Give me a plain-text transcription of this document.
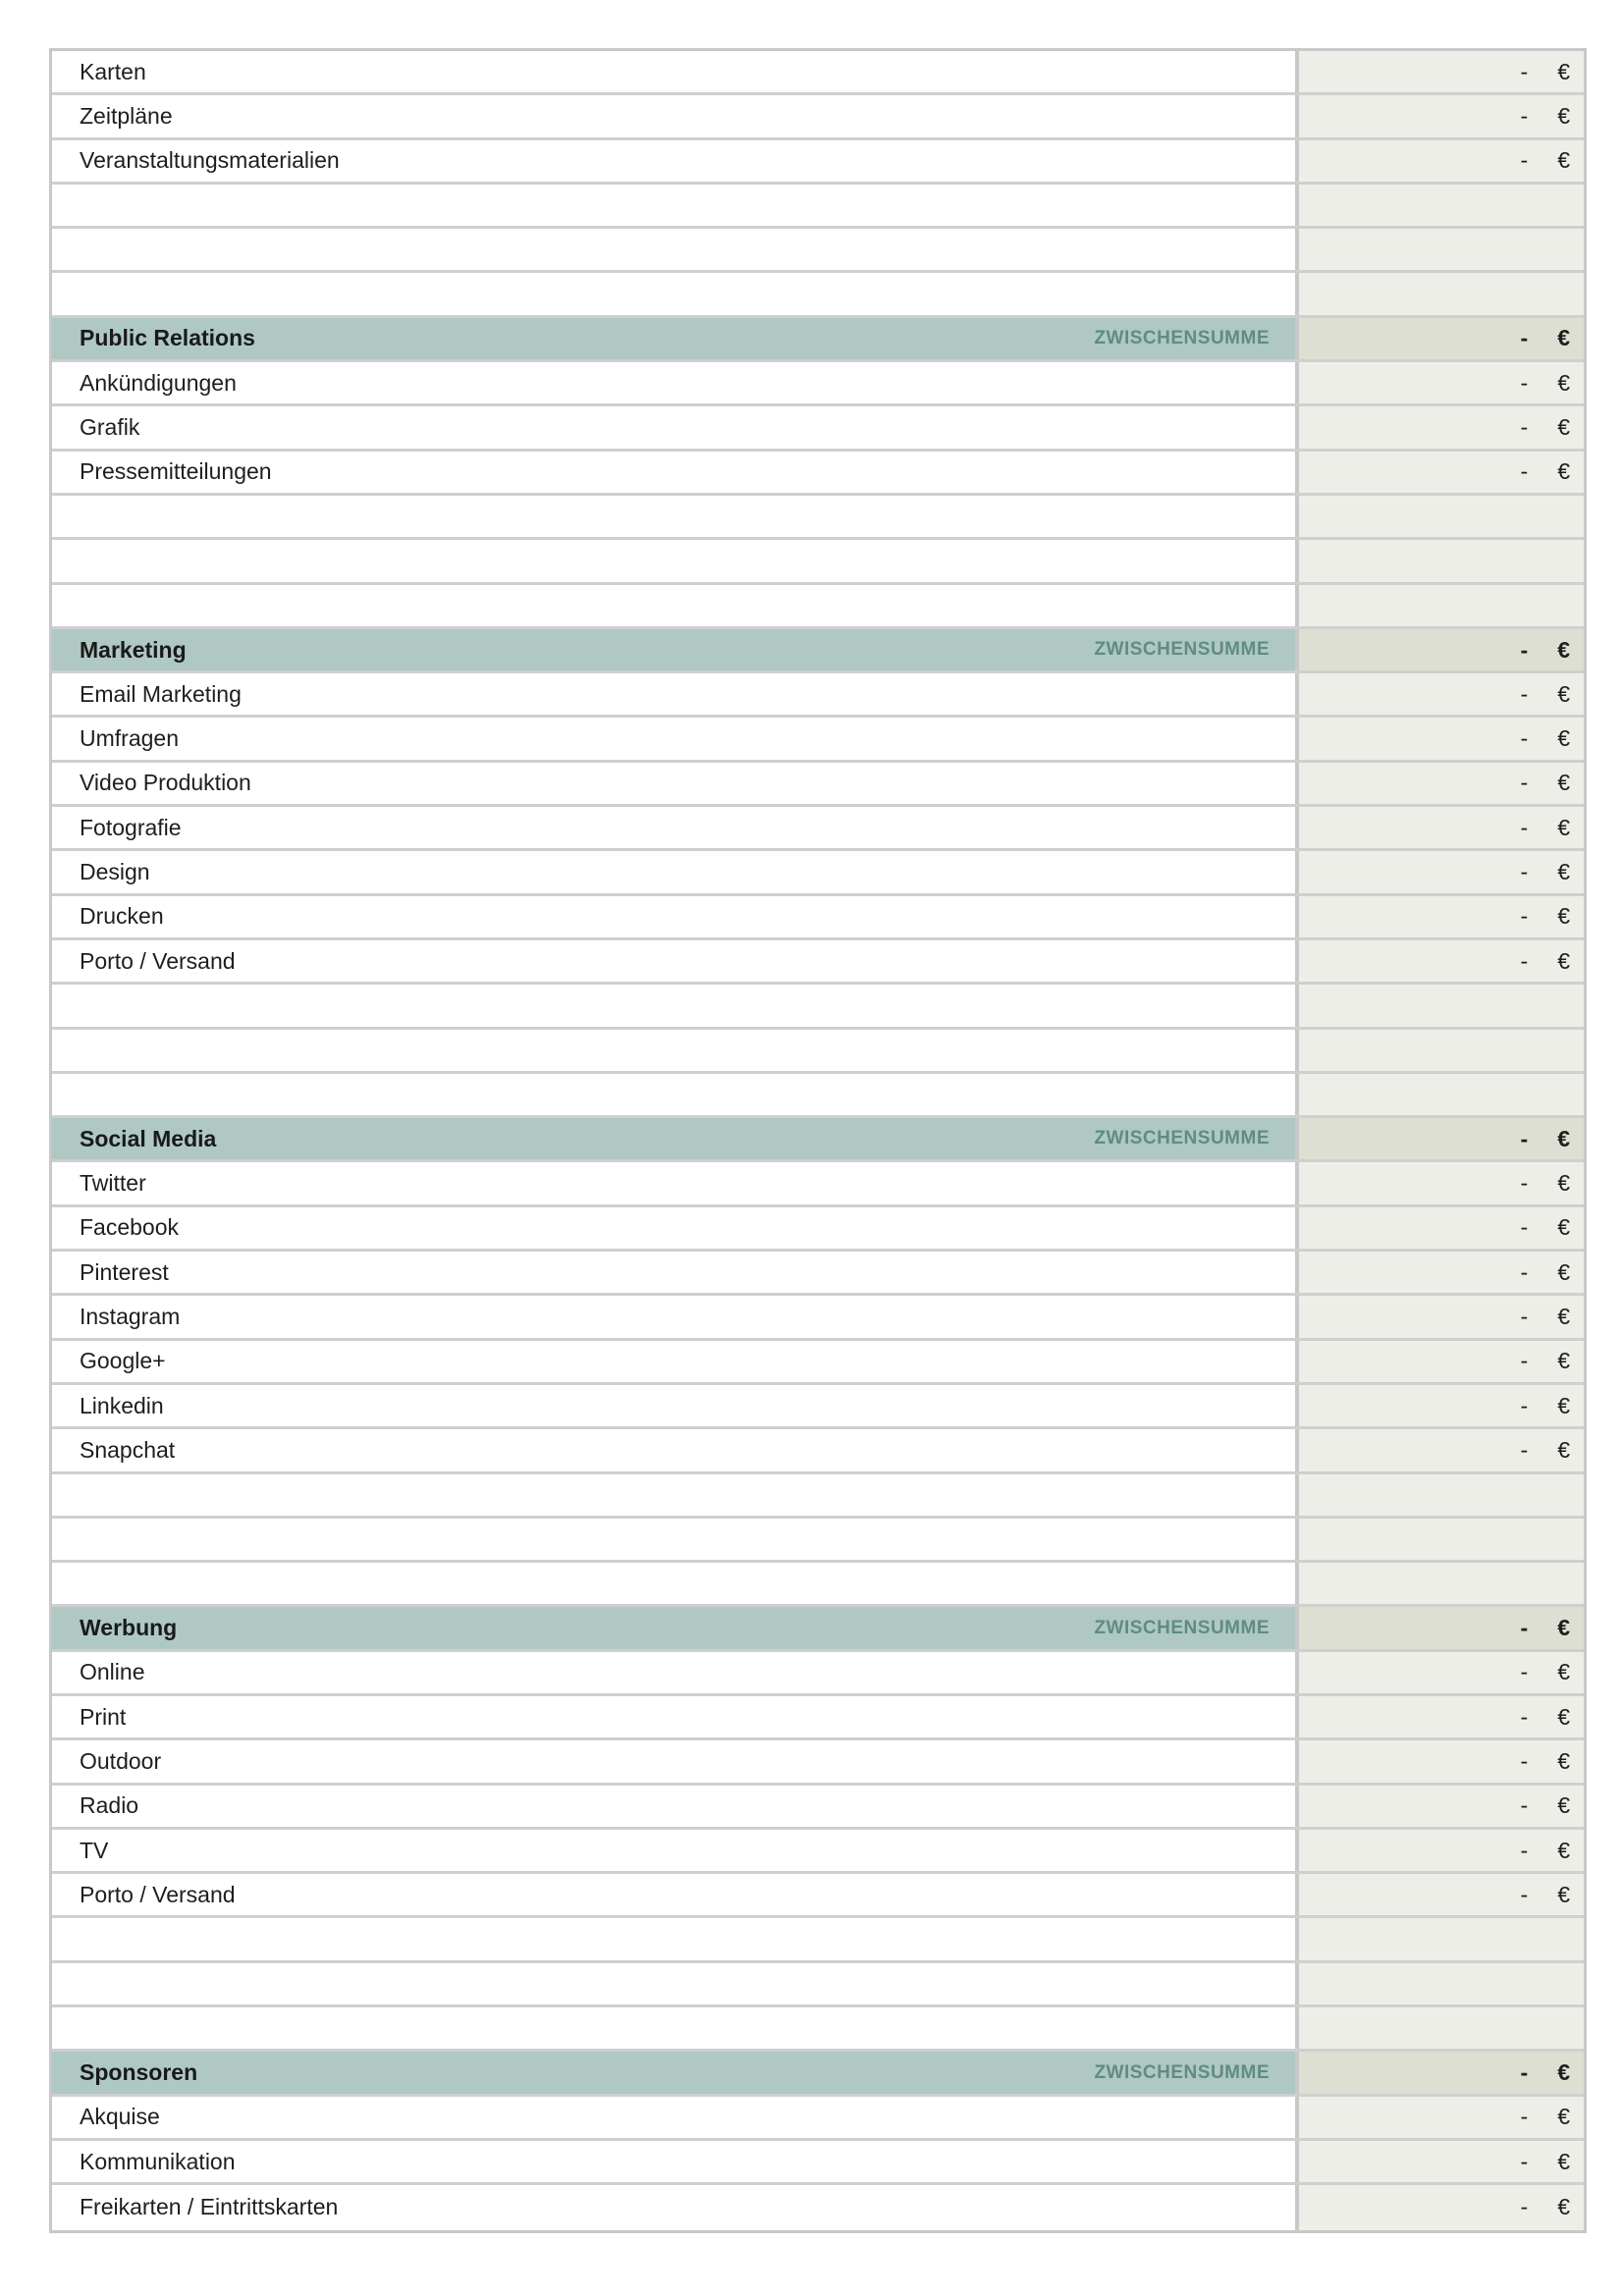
Karten	- €
Zeitpläne	- €
Veranstaltungsmaterialien	- €
Public Relations	ZWISCHENSUMME	- €
Ankündigungen	- €
Grafik	- €
Pressemitteilungen	- €
Marketing	ZWISCHENSUMME	- €
Email Marketing	- €
Umfragen	- €
Video Produktion	- €
Fotografie	- €
Design	- €
Drucken	- €
Porto / Versand	- €
Social Media	ZWISCHENSUMME	- €
Twitter	- €
Facebook	- €
Pinterest	- €
Instagram	- €
Google+	- €
Linkedin	- €
Snapchat	- €
Werbung	ZWISCHENSUMME	- €
Online	- €
Print	- €
Outdoor	- €
Radio	- €
TV	- €
Porto / Versand	- €
Sponsoren	ZWISCHENSUMME	- €
Akquise	- €
Kommunikation	- €
Freikarten / Eintrittskarten	- €
